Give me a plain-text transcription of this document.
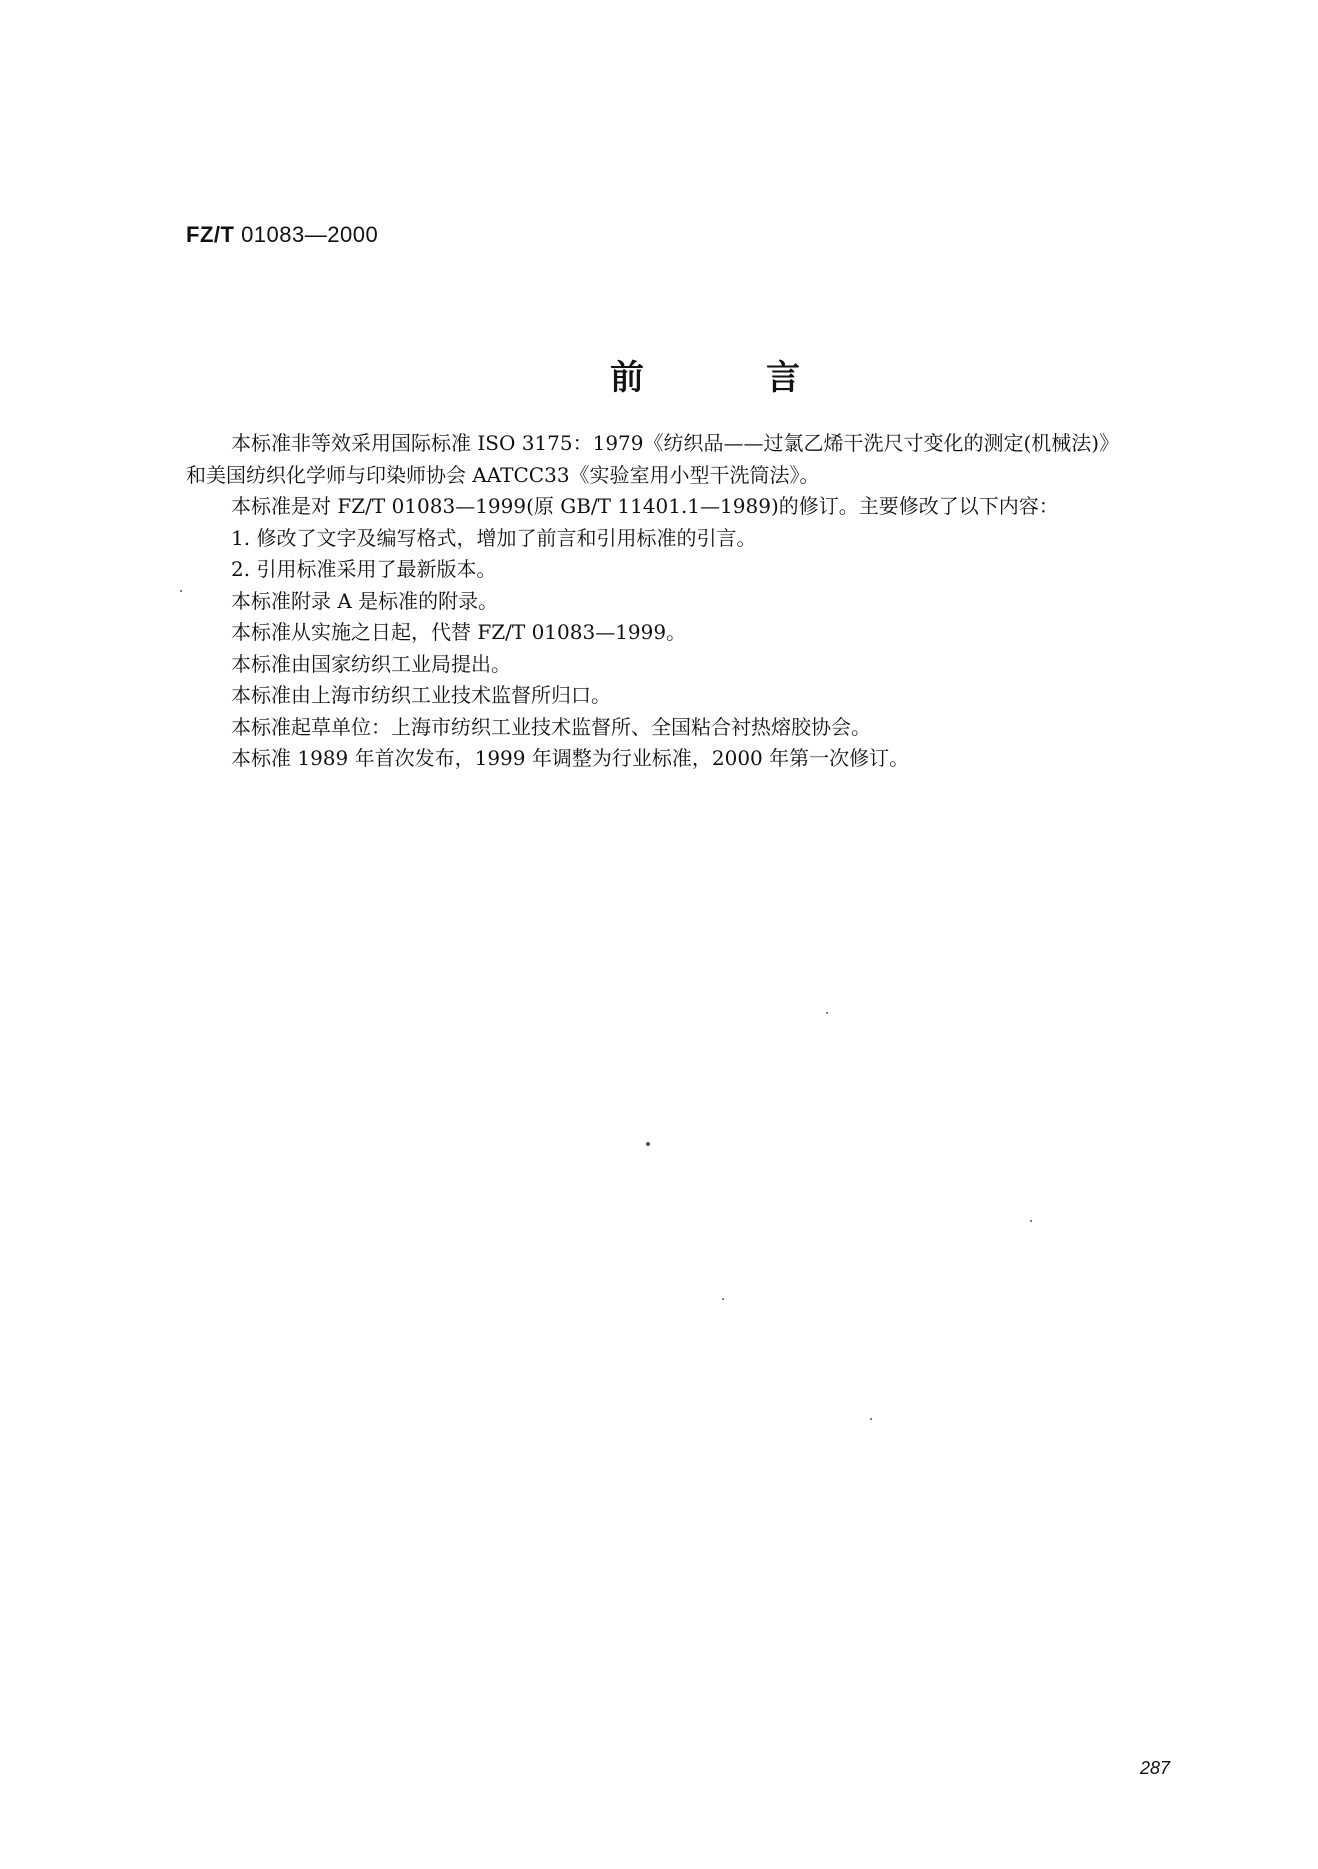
FZ/T 01083—2000
前	言

本标准非等效采用国际标准 ISO 3175：1979《纺织品——过氯乙烯干洗尺寸变化的测定(机械法)》

和美国纺织化学师与印染师协会 AATCC33《实验室用小型干洗筒法》。

本标准是对 FZ/T 01083—1999(原 GB/T 11401.1—1989)的修订。主要修改了以下内容：

1. 修改了文字及编写格式，增加了前言和引用标准的引言。

2. 引用标准采用了最新版本。

本标准附录 A 是标准的附录。

本标准从实施之日起，代替 FZ/T 01083—1999。

本标准由国家纺织工业局提出。

本标准由上海市纺织工业技术监督所归口。

本标准起草单位：上海市纺织工业技术监督所、全国粘合衬热熔胶协会。

本标准 1989 年首次发布，1999 年调整为行业标准，2000 年第一次修订。

287
